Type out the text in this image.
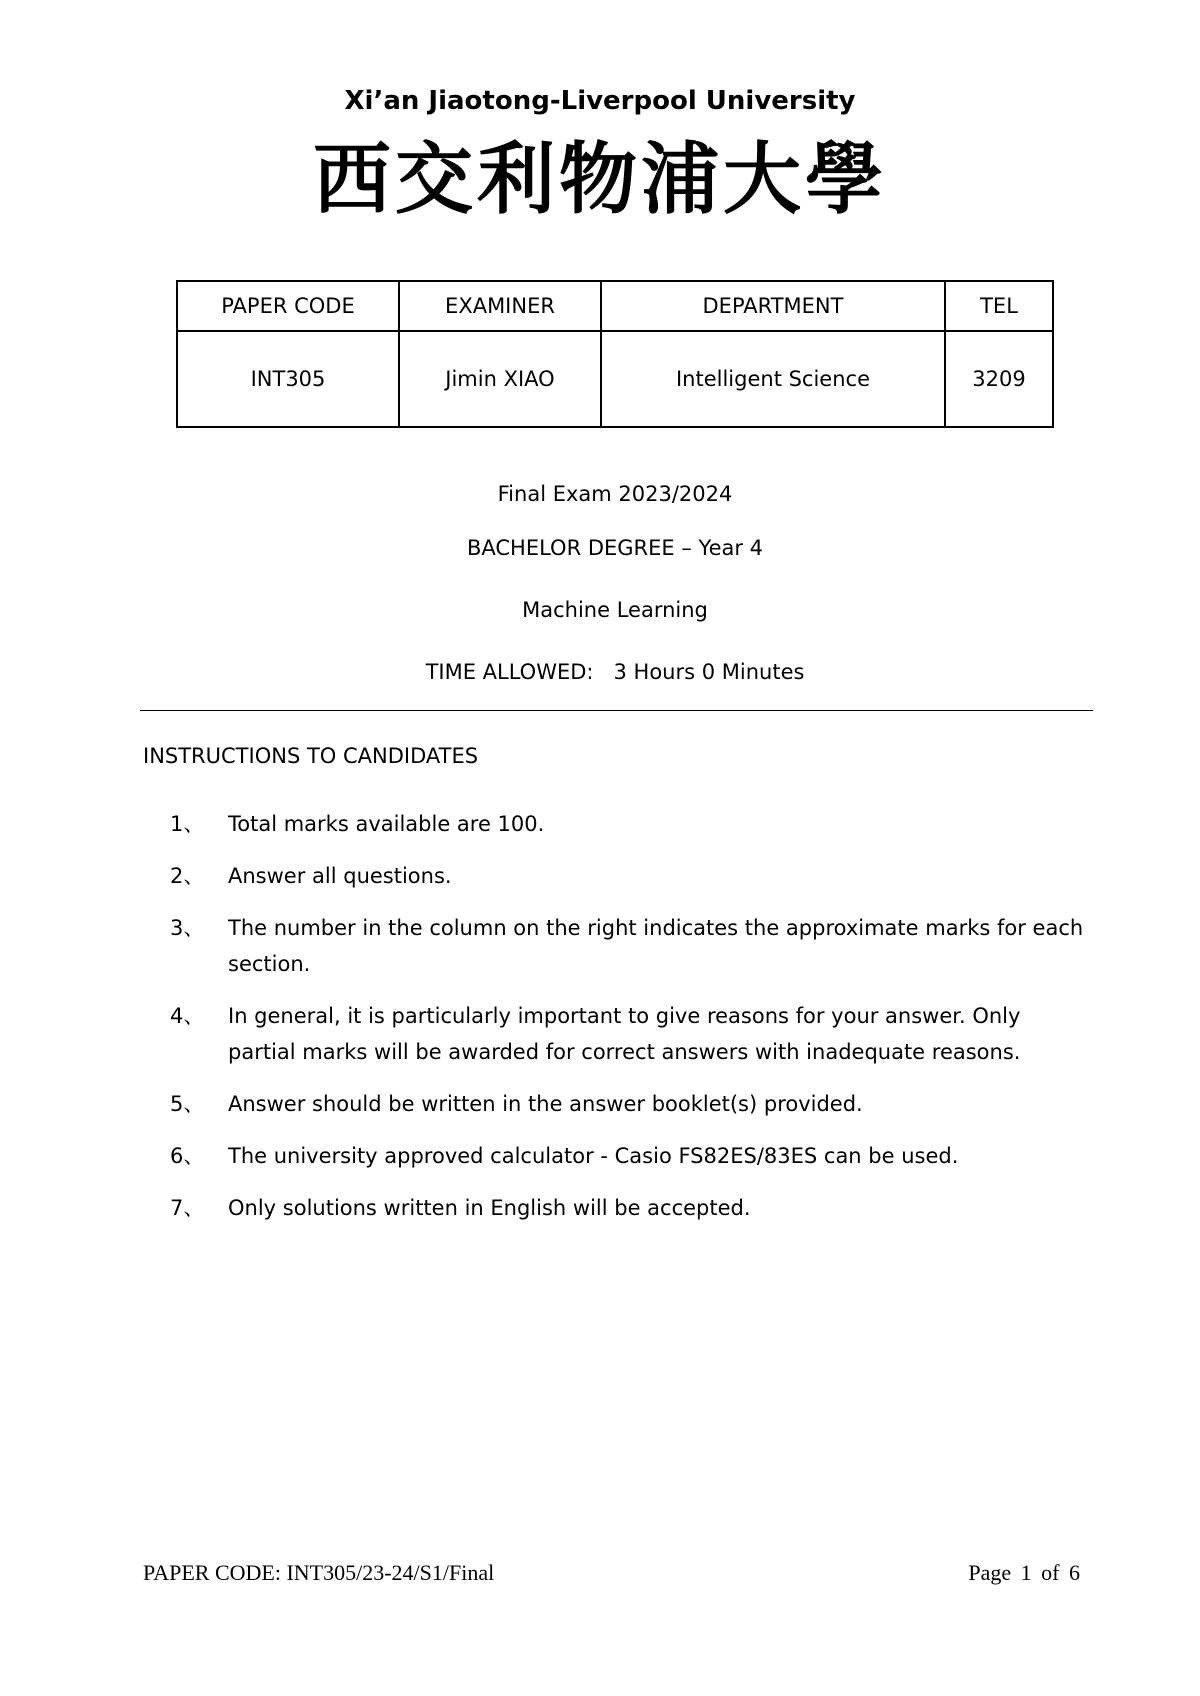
Xi’an Jiaotong-Liverpool University
西交利物浦大學
PAPER CODE	EXAMINER	DEPARTMENT	TEL
INT305	Jimin XIAO	Intelligent Science	3209
Final Exam 2023/2024
BACHELOR DEGREE – Year 4
Machine Learning
TIME ALLOWED:   3 Hours 0 Minutes
INSTRUCTIONS TO CANDIDATES
1、	Total marks available are 100.
2、	Answer all questions.
3、	The number in the column on the right indicates the approximate marks for each section.
4、	In general, it is particularly important to give reasons for your answer. Only partial marks will be awarded for correct answers with inadequate reasons.
5、	Answer should be written in the answer booklet(s) provided.
6、	The university approved calculator - Casio FS82ES/83ES can be used.
7、	Only solutions written in English will be accepted.
PAPER CODE: INT305/23-24/S1/Final	Page 1 of 6
